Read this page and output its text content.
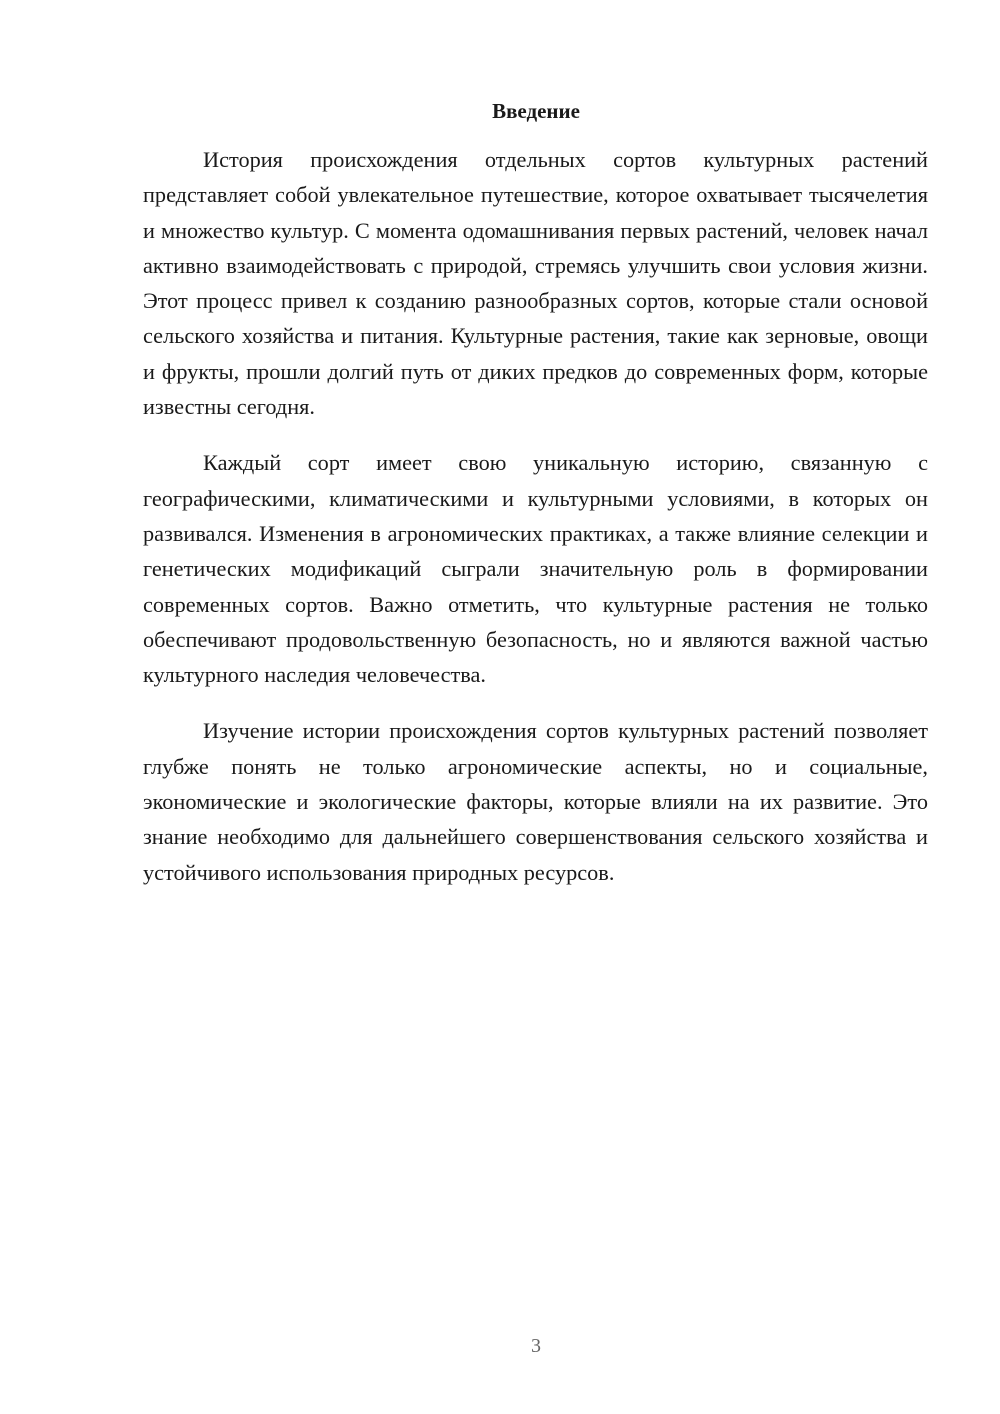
Введение

История происхождения отдельных сортов культурных растений представляет собой увлекательное путешествие, которое охватывает тысячелетия и множество культур. С момента одомашнивания первых растений, человек начал активно взаимодействовать с природой, стремясь улучшить свои условия жизни. Этот процесс привел к созданию разнообразных сортов, которые стали основой сельского хозяйства и питания. Культурные растения, такие как зерновые, овощи и фрукты, прошли долгий путь от диких предков до современных форм, которые известны сегодня.

Каждый сорт имеет свою уникальную историю, связанную с географическими, климатическими и культурными условиями, в которых он развивался. Изменения в агрономических практиках, а также влияние селекции и генетических модификаций сыграли значительную роль в формировании современных сортов. Важно отметить, что культурные растения не только обеспечивают продовольственную безопасность, но и являются важной частью культурного наследия человечества.

Изучение истории происхождения сортов культурных растений позволяет глубже понять не только агрономические аспекты, но и социальные, экономические и экологические факторы, которые влияли на их развитие. Это знание необходимо для дальнейшего совершенствования сельского хозяйства и устойчивого использования природных ресурсов.

3
